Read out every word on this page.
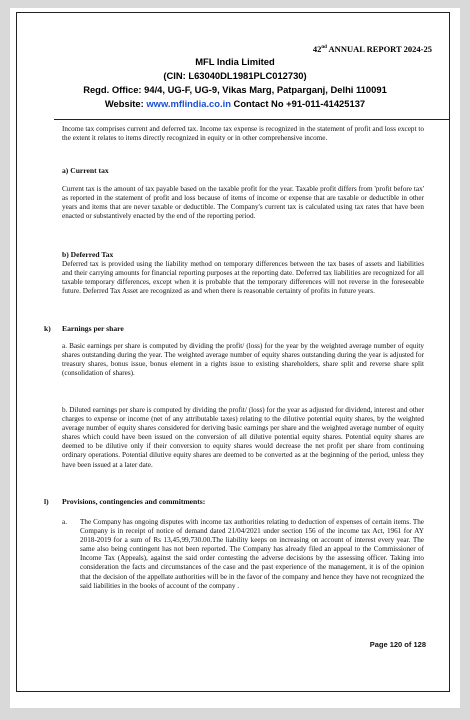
42nd ANNUAL REPORT 2024-25
MFL India Limited
(CIN: L63040DL1981PLC012730)
Regd. Office: 94/4, UG-F, UG-9, Vikas Marg, Patparganj, Delhi 110091
Website: www.mflindia.co.in Contact No +91-011-41425137
Income tax comprises current and deferred tax. Income tax expense is recognized in the statement of profit and loss except to the extent it relates to items directly recognized in equity or in other comprehensive income.
a) Current tax
Current tax is the amount of tax payable based on the taxable profit for the year. Taxable profit differs from 'profit before tax' as reported in the statement of profit and loss because of items of income or expense that are taxable or deductible in other years and items that are never taxable or deductible. The Company's current tax is calculated using tax rates that have been enacted or substantively enacted by the end of the reporting period.
b) Deferred Tax
Deferred tax is provided using the liability method on temporary differences between the tax bases of assets and liabilities and their carrying amounts for financial reporting purposes at the reporting date. Deferred tax liabilities are recognized for all taxable temporary differences, except when it is probable that the temporary differences will not reverse in the foreseeable future. Deferred Tax Asset are recognized as and when there is reasonable certainty of profits in future years.
k) Earnings per share
a. Basic earnings per share is computed by dividing the profit/ (loss) for the year by the weighted average number of equity shares outstanding during the year. The weighted average number of equity shares outstanding during the year is adjusted for treasury shares, bonus issue, bonus element in a rights issue to existing shareholders, share split and reverse share split (consolidation of shares).
b. Diluted earnings per share is computed by dividing the profit/ (loss) for the year as adjusted for dividend, interest and other charges to expense or income (net of any attributable taxes) relating to the dilutive potential equity shares, by the weighted average number of equity shares considered for deriving basic earnings per share and the weighted average number of equity shares which could have been issued on the conversion of all dilutive potential equity shares. Potential equity shares are deemed to be dilutive only if their conversion to equity shares would decrease the net profit per share from continuing ordinary operations. Potential dilutive equity shares are deemed to be converted as at the beginning of the period, unless they have been issued at a later date.
l) Provisions, contingencies and commitments:
a. The Company has ongoing disputes with income tax authorities relating to deduction of expenses of certain items. The Company is in receipt of notice of demand dated 21/04/2021 under section 156 of the income tax Act, 1961 for AY 2018-2019 for a sum of Rs 13,45,99,730.00.The liability keeps on increasing on account of interest every year. The same also being contingent has not been reported. The Company has already filed an appeal to the Commissioner of Income Tax (Appeals), against the said order contesting the adverse decisions by the assessing officer. Taking into consideration the facts and circumstances of the case and the past experience of the management, it is of the opinion that the decision of the appellate authorities will be in the favor of the company and hence they have not recognized the said liabilities in the books of account of the company .
Page 120 of 128
